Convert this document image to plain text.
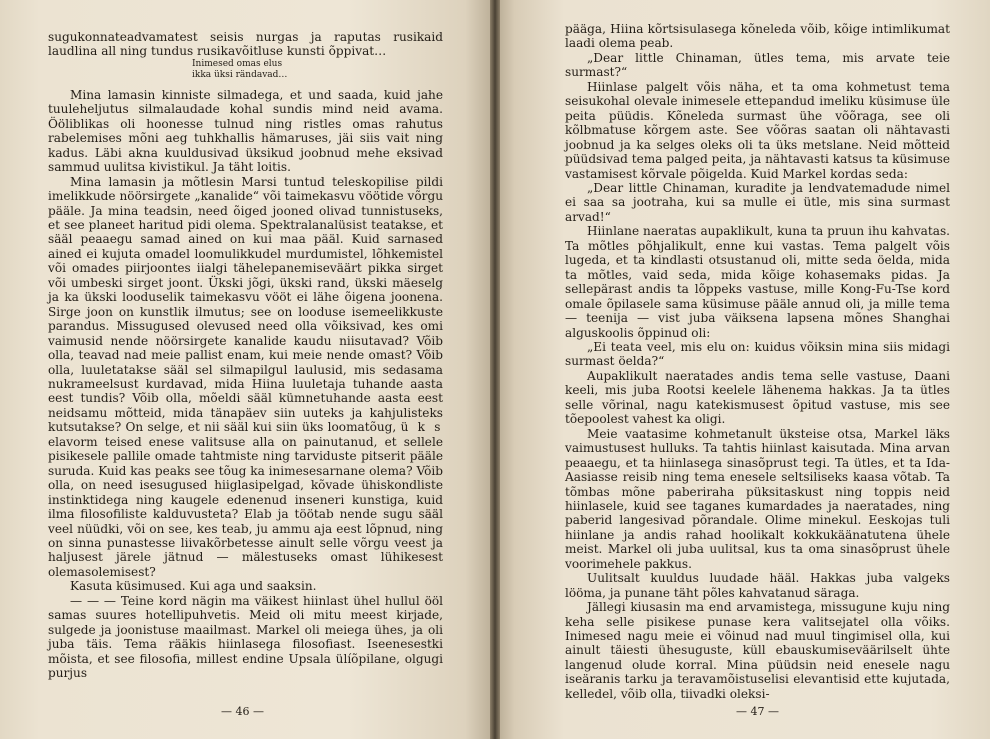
sugukonnateadvamatest seisis nurgas ja raputas rusikaid laudlina all ning tundus rusikavõitluse kunsti õppivat…

Inimesed omas elus
ikka üksi rändavad…

Mina lamasin kinniste silmadega, et und saada, kuid jahe tuuleheljutus silmalaudade kohal sundis mind neid avama. Ööliblikas oli hoonesse tulnud ning ristles omas rahutus rabelemises mõni aeg tuhkhallis hämaruses, jäi siis vait ning kadus. Läbi akna kuuldusivad üksikud joobnud mehe eksivad sammud uulitsa kivistikul. Ja täht loitis.

Mina lamasin ja mõtlesin Marsi tuntud teleskopilise pildi imelikkude nöörsirgete „kanalide“ või taimekasvu vöötide võrgu pääle. Ja mina teadsin, need õiged jooned olivad tunnistuseks, et see planeet haritud pidi olema. Spektralanalüsist teatakse, et sääl peaaegu samad ained on kui maa pääl. Kuid sarnased ained ei kujuta omadel loomulikkudel murdumistel, lõhkemistel või omades piirjoontes iialgi tähelepanemiseväärt pikka sirget või umbeski sirget joont. Ükski jõgi, ükski rand, ükski mäeselg ja ka ükski looduselik taimekasvu vööt ei lähe õigena joonena. Sirge joon on kunstlik ilmutus; see on looduse isemeelikkuste parandus. Missugused olevused need olla võiksivad, kes omi vaimusid nende nöörsirgete kanalide kaudu niisutavad? Võib olla, teavad nad meie pallist enam, kui meie nende omast? Võib olla, luuletatakse sääl sel silmapilgul laulusid, mis sedasama nukrameelsust kurdavad, mida Hiina luuletaja tuhande aasta eest tundis? Võib olla, mõeldi sääl kümnetuhande aasta eest neidsamu mõtteid, mida tänapäev siin uuteks ja kahjulisteks kutsutakse? On selge, et nii sääl kui siin üks loomatõug, ü k s elavorm teised enese valitsuse alla on painutanud, et sellele pisikesele pallile omade tahtmiste ning tarviduste pitserit pääle suruda. Kuid kas peaks see tõug ka inimesesarnane olema? Võib olla, on need isesugused hiiglasipelgad, kõvade ühiskondliste instinktidega ning kaugele edenenud inseneri kunstiga, kuid ilma filosofiliste kalduvusteta? Elab ja töötab nende sugu sääl veel nüüdki, või on see, kes teab, ju ammu aja eest lõpnud, ning on sinna punastesse liivakõrbetesse ainult selle võrgu veest ja haljusest järele jätnud — mälestuseks omast lühikesest olemasolemisest?

Kasuta küsimused. Kui aga und saaksin.

— — — Teine kord nägin ma väikest hiinlast ühel hullul ööl samas suures hotellipuhvetis. Meid oli mitu meest kirjade, sulgede ja joonistuse maailmast. Markel oli meiega ühes, ja oli juba täis. Tema rääkis hiinlasega filosofiast. Iseenesestki mõista, et see filosofia, millest endine Upsala ülíõpilane, olgugi purjus

— 46 —

pääga, Hiina kõrtsisulasega kõneleda võib, kõige intimlikumat laadi olema peab.

„Dear little Chinaman, ütles tema, mis arvate teie surmast?“

Hiinlase palgelt võis näha, et ta oma kohmetust tema seisukohal olevale inimesele ettepandud imeliku küsimuse üle peita püüdis. Kõneleda surmast ühe võõraga, see oli kõlbmatuse kõrgem aste. See võõras saatan oli nähtavasti joobnud ja ka selges oleks oli ta üks metslane. Neid mõtteid püüdsivad tema palged peita, ja nähtavasti katsus ta küsimuse vastamisest kõrvale põigelda. Kuid Markel kordas seda:

„Dear little Chinaman, kuradite ja lendvatemadude nimel ei saa sa jootraha, kui sa mulle ei ütle, mis sina surmast arvad!“

Hiinlane naeratas aupaklikult, kuna ta pruun ihu kahvatas. Ta mõtles põhjalikult, enne kui vastas. Tema palgelt võis lugeda, et ta kindlasti otsustanud oli, mitte seda öelda, mida ta mõtles, vaid seda, mida kõige kohasemaks pidas. Ja sellepärast andis ta lõppeks vastuse, mille Kong-Fu-Tse kord omale õpilasele sama küsimuse pääle annud oli, ja mille tema — teenija — vist juba väiksena lapsena mõnes Shanghai alguskoolis õppinud oli:

„Ei teata veel, mis elu on: kuidus võiksin mina siis midagi surmast öelda?“

Aupaklikult naeratades andis tema selle vastuse, Daani keeli, mis juba Rootsi keelele lähenema hakkas. Ja ta ütles selle võrinal, nagu katekismusest õpitud vastuse, mis see tõepoolest vahest ka oligi.

Meie vaatasime kohmetanult üksteise otsa, Markel läks vaimustusest hulluks. Ta tahtis hiinlast kaisutada. Mina arvan peaaegu, et ta hiinlasega sinasõprust tegi. Ta ütles, et ta Ida-Aasiasse reisib ning tema enesele seltsiliseks kaasa võtab. Ta tõmbas mõne paberiraha püksitaskust ning toppis neid hiinlasele, kuid see taganes kumardades ja naeratades, ning paberid langesivad põrandale. Olime minekul. Eeskojas tuli hiinlane ja andis rahad hoolikalt kokkukäänatutena ühele meist. Markel oli juba uulitsal, kus ta oma sinasõprust ühele voorimehele pakkus.

Uulitsalt kuuldus luudade hääl. Hakkas juba valgeks lööma, ja punane täht põles kahvatanud säraga.

Jällegi kiusasin ma end arvamistega, missugune kuju ning keha selle pisikese punase kera valitsejatel olla võiks. Inimesed nagu meie ei võinud nad muul tingimisel olla, kui ainult täiesti ühesuguste, küll ebauskumiseväärilselt ühte langenud olude korral. Mina püüdsin neid enesele nagu iseäranis tarku ja teravamõistuselisi elevantisid ette kujutada, kelledel, võib olla, tiivadki oleksi-

— 47 —
